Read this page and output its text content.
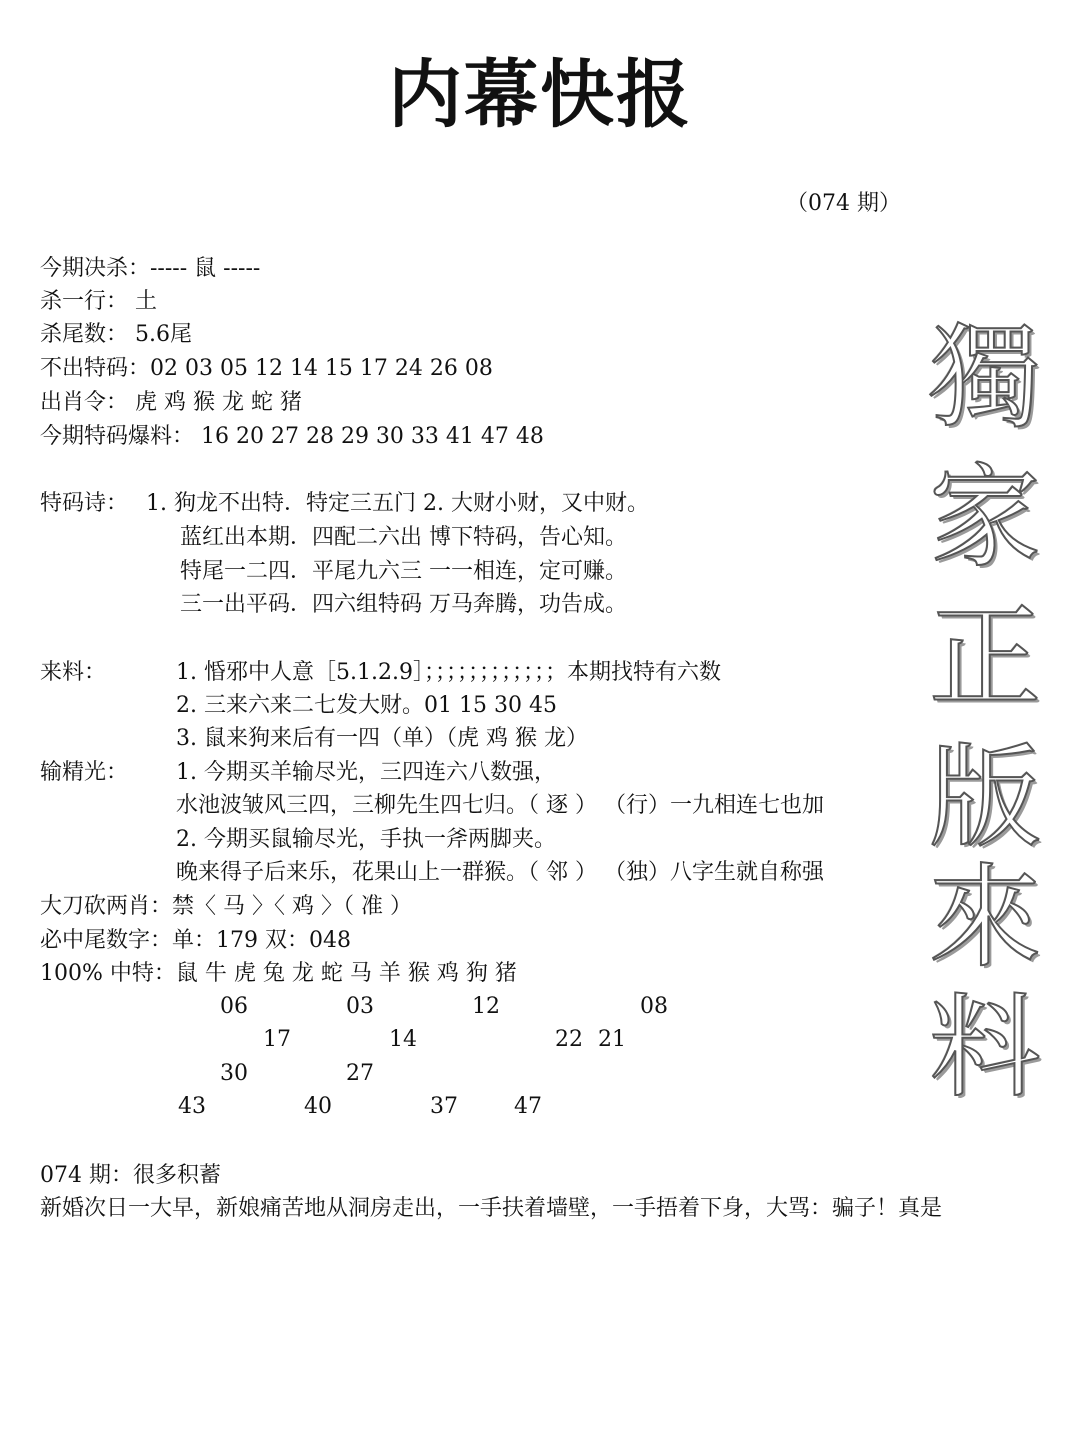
内幕快报
（074 期）
今期决杀：----- 鼠 -----
杀一行： 土
杀尾数： 5.6尾
不出特码：02 03 05 12 14 15 17 24 26 08
出肖令： 虎 鸡 猴 龙 蛇 猪
今期特码爆料： 16 20 27 28 29 30 33 41 47 48
特码诗： 1. 狗龙不出特．特定三五门 2. 大财小财，又中财。
蓝红出本期．四配二六出 博下特码，告心知。
特尾一二四．平尾九六三 一一相连，定可赚。
三一出平码．四六组特码 万马奔腾，功告成。
来料：	1. 惛邪中人意［5.1.2.9］；；；；；；；；；；；；本期找特有六数
2. 三来六来二七发大财。01 15 30 45
3. 鼠来狗来后有一四（单）（虎 鸡 猴 龙）
输精光： 1. 今期买羊输尽光，三四连六八数强，
水池波皱风三四，三柳先生四七归。（ 逐 ） （行）一九相连七也加
2. 今期买鼠输尽光，手执一斧两脚夹。
晚来得子后来乐，花果山上一群猴。（ 邻 ） （独）八字生就自称强
大刀砍两肖：禁〈 马 〉〈 鸡 〉（ 准 ）
必中尾数字：单：179 双：048
100% 中特：鼠 牛 虎 兔 龙 蛇 马 羊 猴 鸡 狗 猪
06	03	12	08
17	14	22 21
30	27
43	40	37	47
074 期：很多积蓄
新婚次日一大早，新娘痛苦地从洞房走出，一手扶着墙壁，一手捂着下身，大骂：骗子！真是
獨
家
正
版
來
料
